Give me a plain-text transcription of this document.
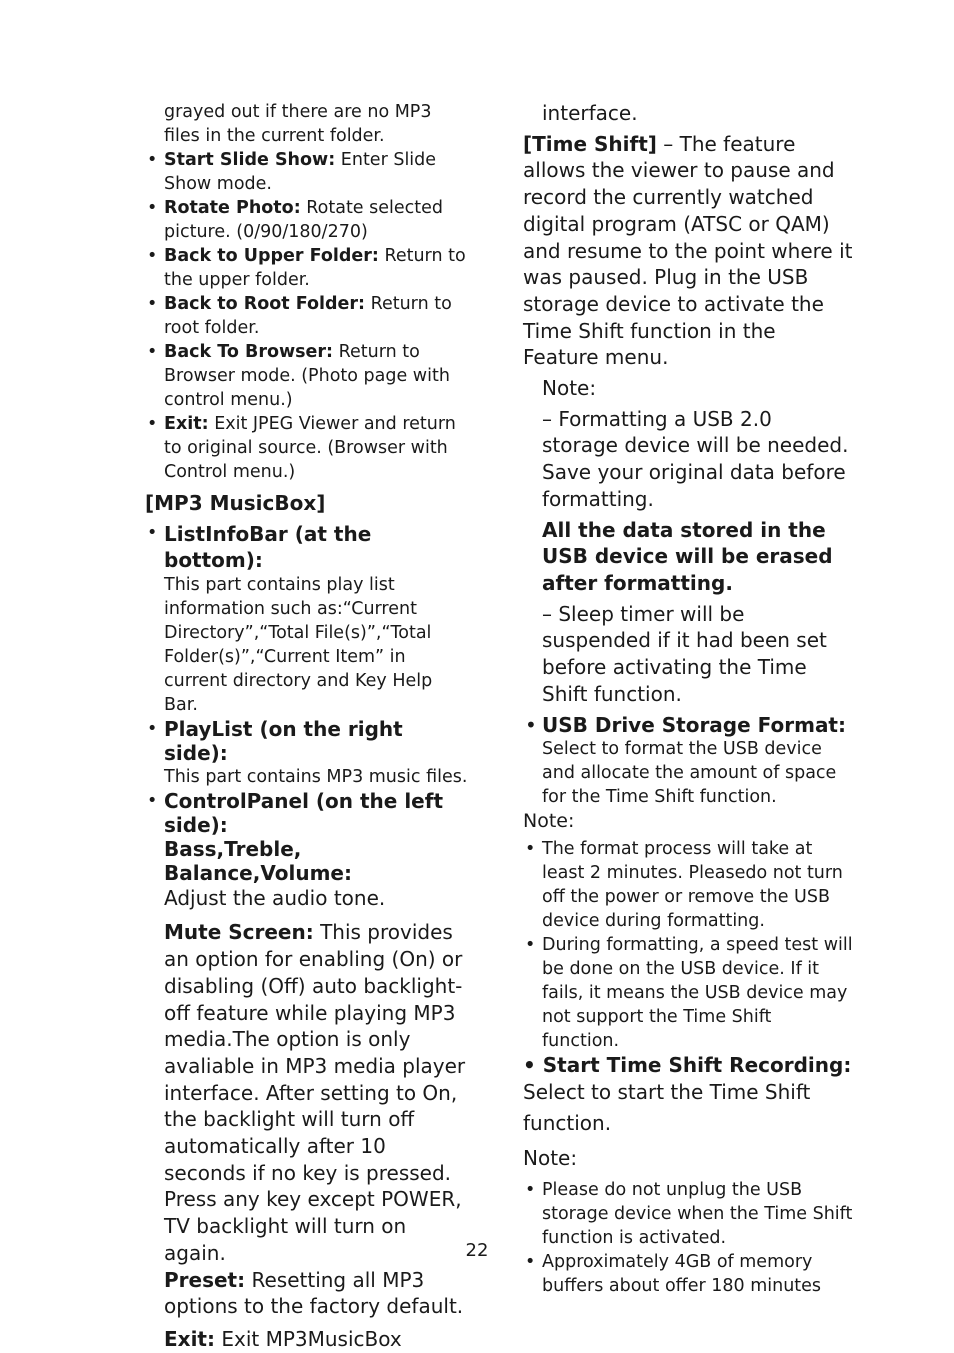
grayed out if there are no MP3 files in the current folder.

• Start Slide Show: Enter Slide Show mode.
• Rotate Photo: Rotate selected picture. (0/90/180/270)
• Back to Upper Folder: Return to the upper folder.
• Back to Root Folder: Return to root folder.
• Back To Browser: Return to Browser mode. (Photo page with control menu.)
• Exit: Exit JPEG Viewer and return to original source. (Browser with Control menu.)

[MP3 MusicBox]

• ListInfoBar (at the bottom):
This part contains play list information such as:“Current Directory”,“Total File(s)”,“Total Folder(s)”,“Current Item” in current directory and Key Help Bar.
• PlayList (on the right side):
This part contains MP3 music files.
• ControlPanel (on the left side):

Bass,Treble, Balance,Volume:

Adjust the audio tone.

Mute Screen: This provides an option for enabling (On) or disabling (Off) auto backlight-off feature while playing MP3 media.The option is only avaliable in MP3 media player interface. After setting to On, the backlight will turn off automatically after 10 seconds if no key is pressed. Press any key except POWER, TV backlight will turn on again.

Preset: Resetting all MP3 options to the factory default.

Exit: Exit MP3MusicBox

interface.

[Time Shift] – The feature allows the viewer to pause and record the currently watched digital program (ATSC or QAM) and resume to the point where it was paused. Plug in the USB storage device to activate the Time Shift function in the Feature menu.

Note:

– Formatting a USB 2.0 storage device will be needed. Save your original data before formatting.

All the data stored in the USB device will be erased after formatting.

– Sleep timer will be suspended if it had been set before activating the Time Shift function.

• USB Drive Storage Format:
Select to format the USB device and allocate the amount of space for the Time Shift function.

Note:

• The format process will take at least 2 minutes. Pleasedo not turn off the power or remove the USB device during formatting.
• During formatting, a speed test will be done on the USB device. If it fails, it means the USB device may not support the Time Shift function.

• Start Time Shift Recording:

Select to start the Time Shift function.

Note:

• Please do not unplug the USB storage device when the Time Shift function is activated.
• Approximately 4GB of memory buffers about offer 180 minutes
22
